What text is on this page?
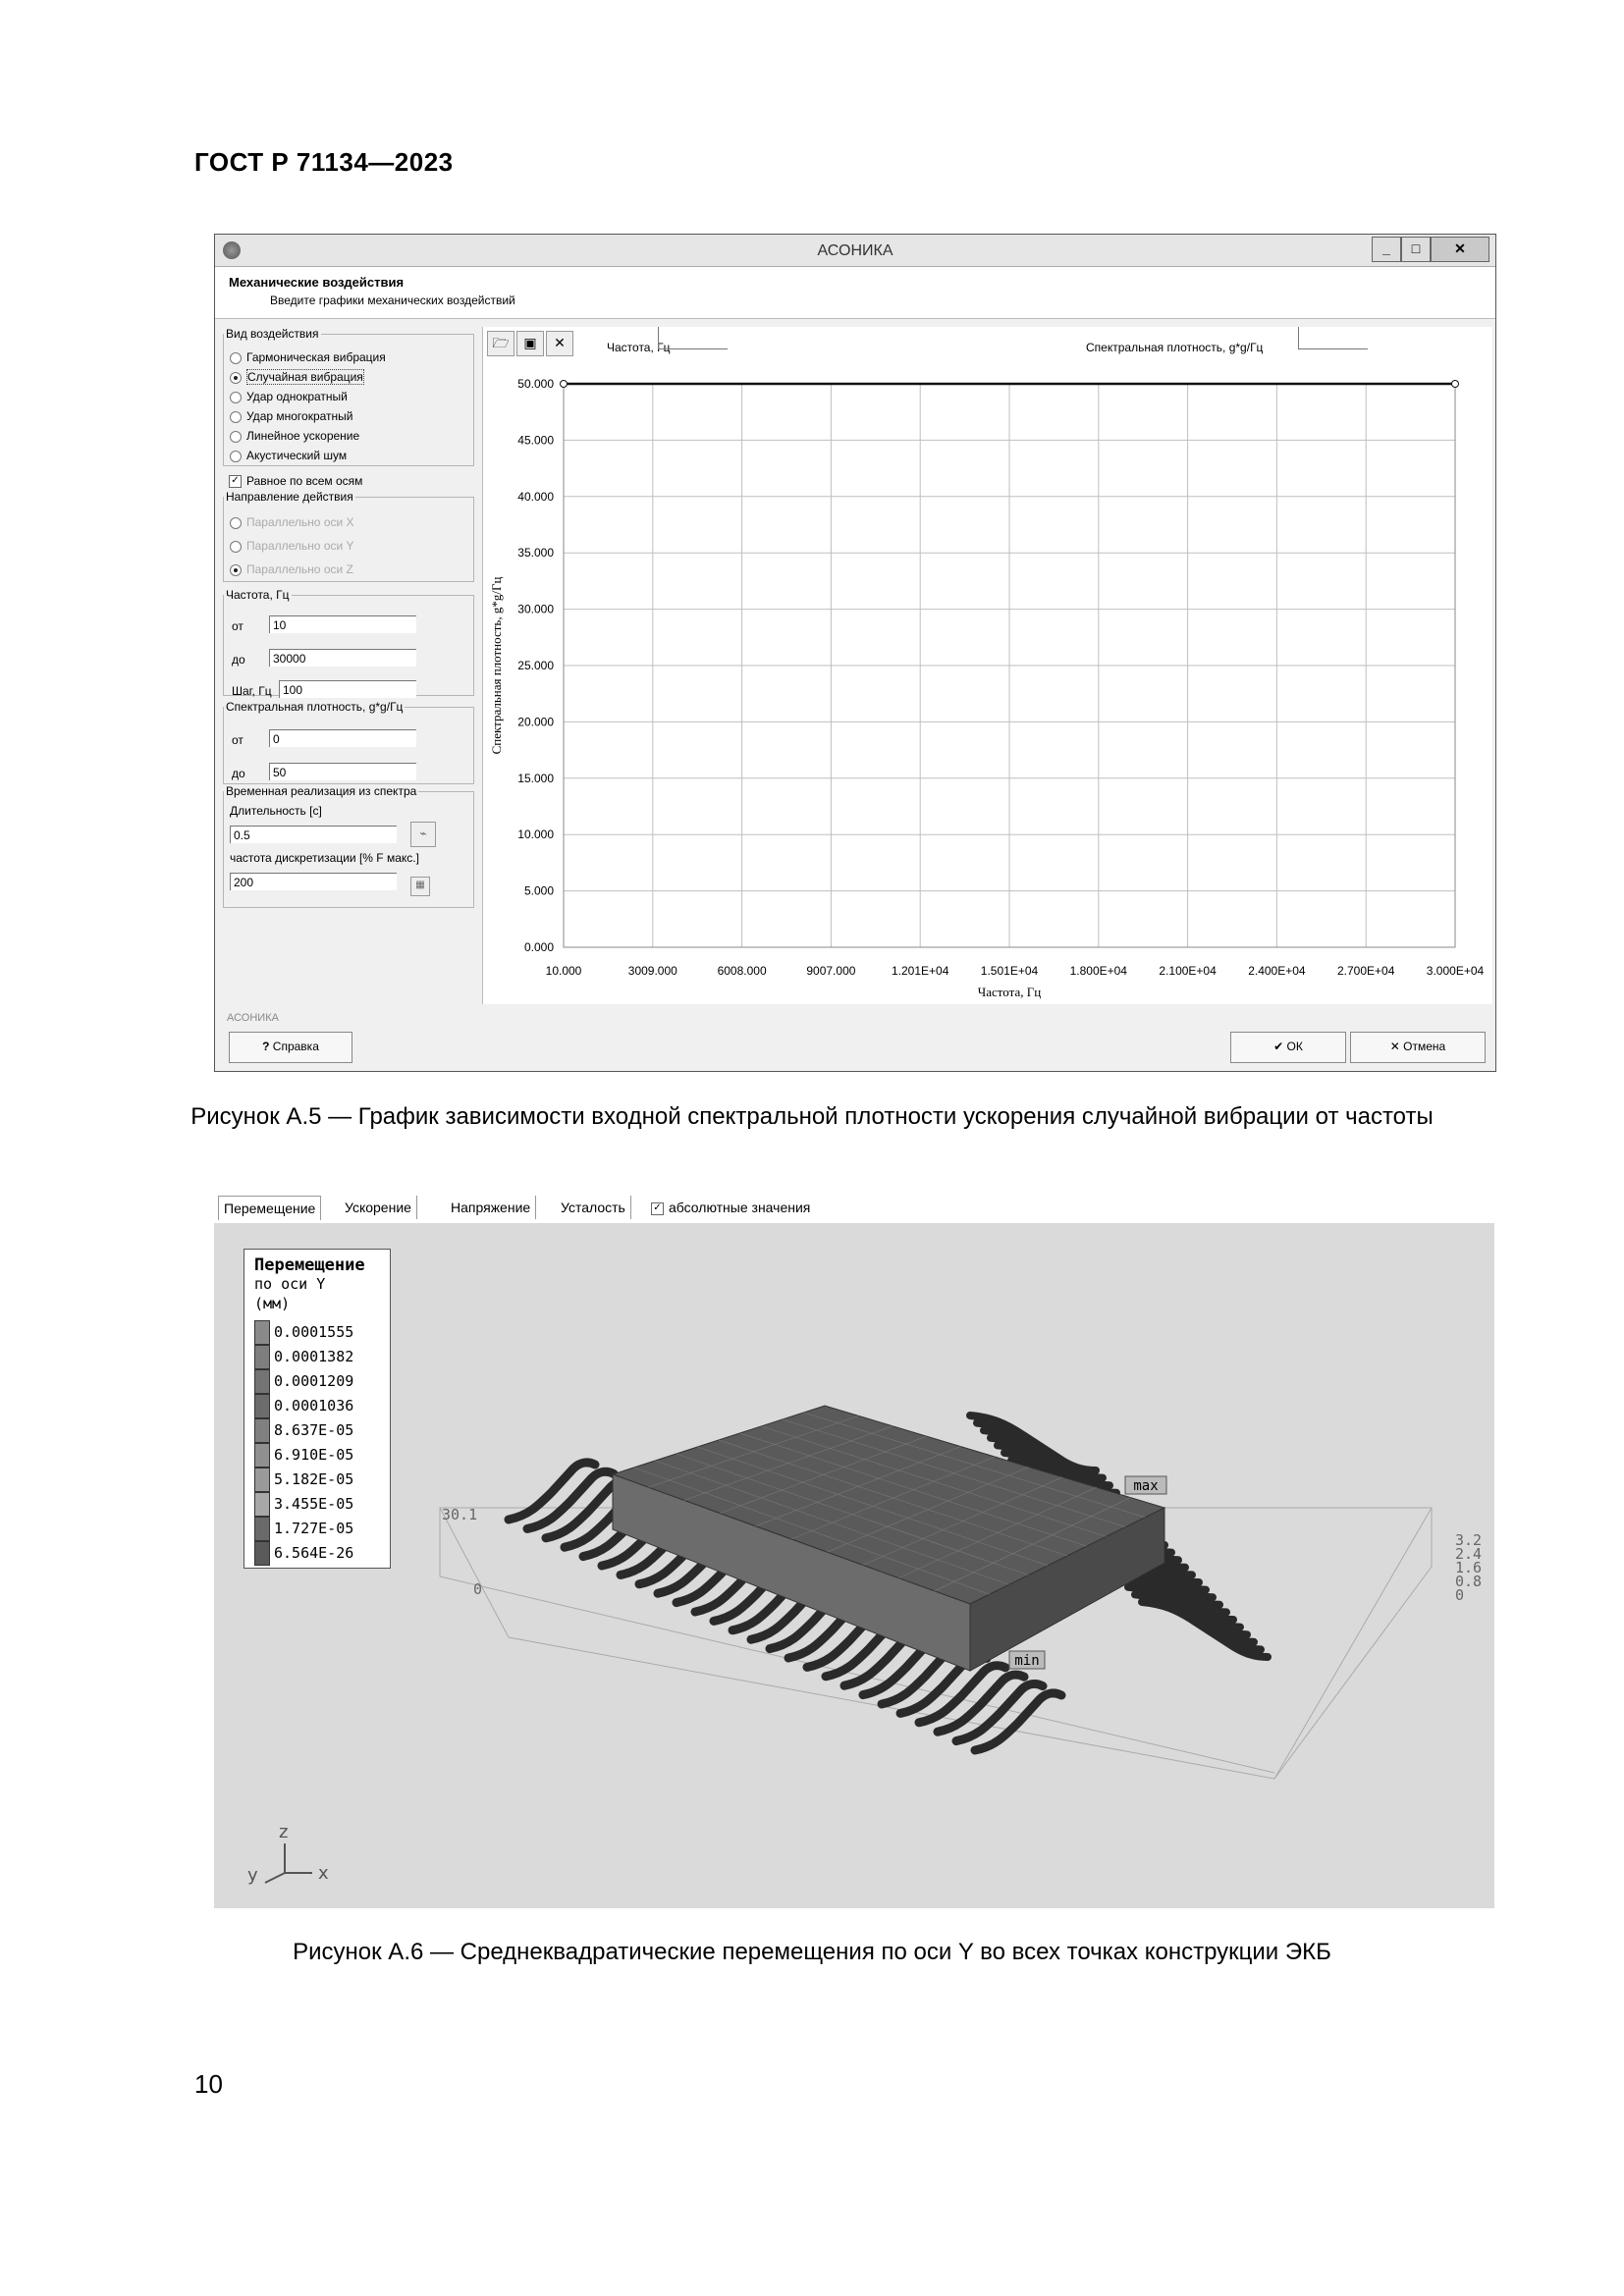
ГОСТ Р 71134—2023
АСОНИКА	_	□	✕
Механические воздействия
Введите графики механических воздействий
Вид воздействия
Гармоническая вибрация
Случайная вибрация
Удар однократный
Удар многократный
Линейное ускорение
Акустический шум
✓ Равное по всем осям
Направление действия
Параллельно оси X
Параллельно оси Y
Параллельно оси Z
Частота, Гц
от	10
до	30000
Шаг, Гц 100
Спектральная плотность, g*g/Гц
от	0
до	50
Временная реализация из спектра
Длительность [с]
0.5	⌁
частота дискретизации [% F макс.]
200	▦
🗁	▣	✕	Частота, Гц	Спектральная плотность, g*g/Гц
10.000	3009.000	6008.000	9007.000	1.201E+04	1.501E+04	1.800E+04	2.100E+04	2.400E+04	2.700E+04	3.000E+04
0.000
5.000
10.000
15.000
20.000
25.000
30.000
35.000
40.000
45.000
50.000
Частота, Гц
Спектральная плотность, g*g/Гц
АСОНИКА
? Справка	✔ ОК	✕ Отмена
Рисунок А.5 — График зависимости входной спектральной плотности ускорения случайной вибрации от частоты
Перемещение	Ускорение	Напряжение	Усталость	✓ абсолютные значения
max
min
30.1
0
3.2
2.4
1.6
0.8
0
z
y	x
Перемещение
по оси Y
(мм)
0.0001555
0.0001382
0.0001209
0.0001036
8.637E-05
6.910E-05
5.182E-05
3.455E-05
1.727E-05
6.564E-26
Рисунок А.6 — Среднеквадратические перемещения по оси Y во всех точках конструкции ЭКБ
10
